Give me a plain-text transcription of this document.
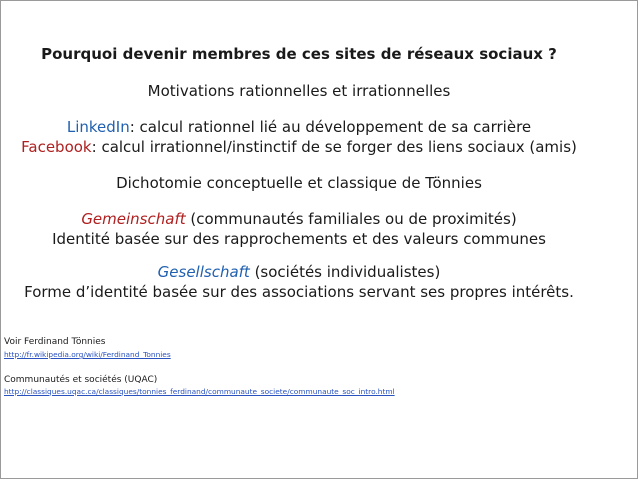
Pourquoi devenir membres de ces sites de réseaux sociaux ?
Motivations rationnelles et irrationnelles
LinkedIn: calcul rationnel lié au développement de sa carrière
Facebook: calcul irrationnel/instinctif de se forger des liens sociaux (amis)
Dichotomie conceptuelle et classique de Tönnies
Gemeinschaft (communautés familiales ou de proximités)
Identité basée sur des rapprochements et des valeurs communes
Gesellschaft (sociétés individualistes)
Forme d’identité basée sur des associations servant ses propres intérêts.
Voir Ferdinand Tönnies
http://fr.wikipedia.org/wiki/Ferdinand_Tonnies
Communautés et sociétés (UQAC)
http://classiques.uqac.ca/classiques/tonnies_ferdinand/communaute_societe/communaute_soc_intro.html
